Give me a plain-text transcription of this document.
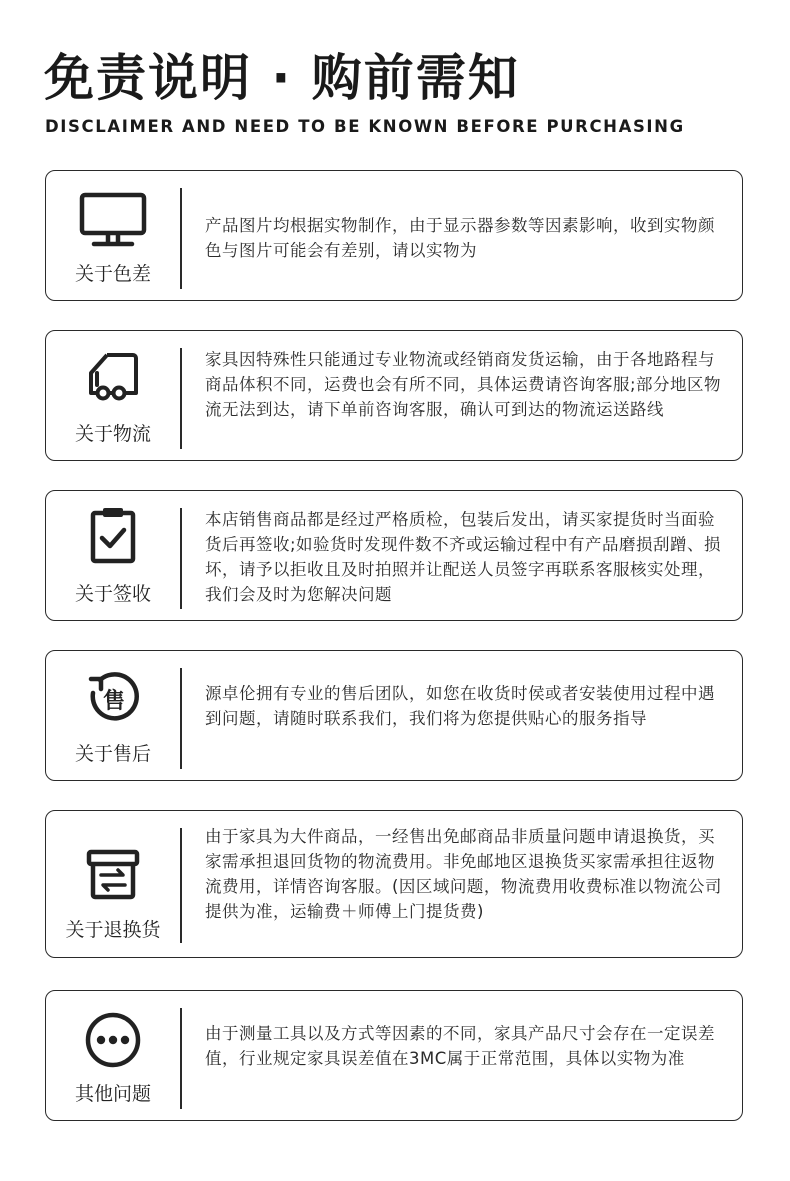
免责说明 · 购前需知
DISCLAIMER AND NEED TO BE KNOWN BEFORE PURCHASING
关于色差
产品图片均根据实物制作，由于显示器参数等因素影响，收到实物颜色与图片可能会有差别，请以实物为
关于物流
家具因特殊性只能通过专业物流或经销商发货运输，由于各地路程与商品体积不同，运费也会有所不同，具体运费请咨询客服;部分地区物流无法到达，请下单前咨询客服，确认可到达的物流运送路线
关于签收
本店销售商品都是经过严格质检，包装后发出，请买家提货时当面验货后再签收;如验货时发现件数不齐或运输过程中有产品磨损刮蹭、损坏，请予以拒收且及时拍照并让配送人员签字再联系客服核实处理，我们会及时为您解决问题
售
关于售后
源卓伦拥有专业的售后团队，如您在收货时侯或者安装使用过程中遇到问题，请随时联系我们，我们将为您提供贴心的服务指导
关于退换货
由于家具为大件商品，一经售出免邮商品非质量问题申请退换货，买家需承担退回货物的物流费用。非免邮地区退换货买家需承担往返物流费用，详情咨询客服。(因区域问题，物流费用收费标准以物流公司提供为准，运输费＋师傅上门提货费)
其他问题
由于测量工具以及方式等因素的不同，家具产品尺寸会存在一定误差值，行业规定家具误差值在3MC属于正常范围，具体以实物为准
